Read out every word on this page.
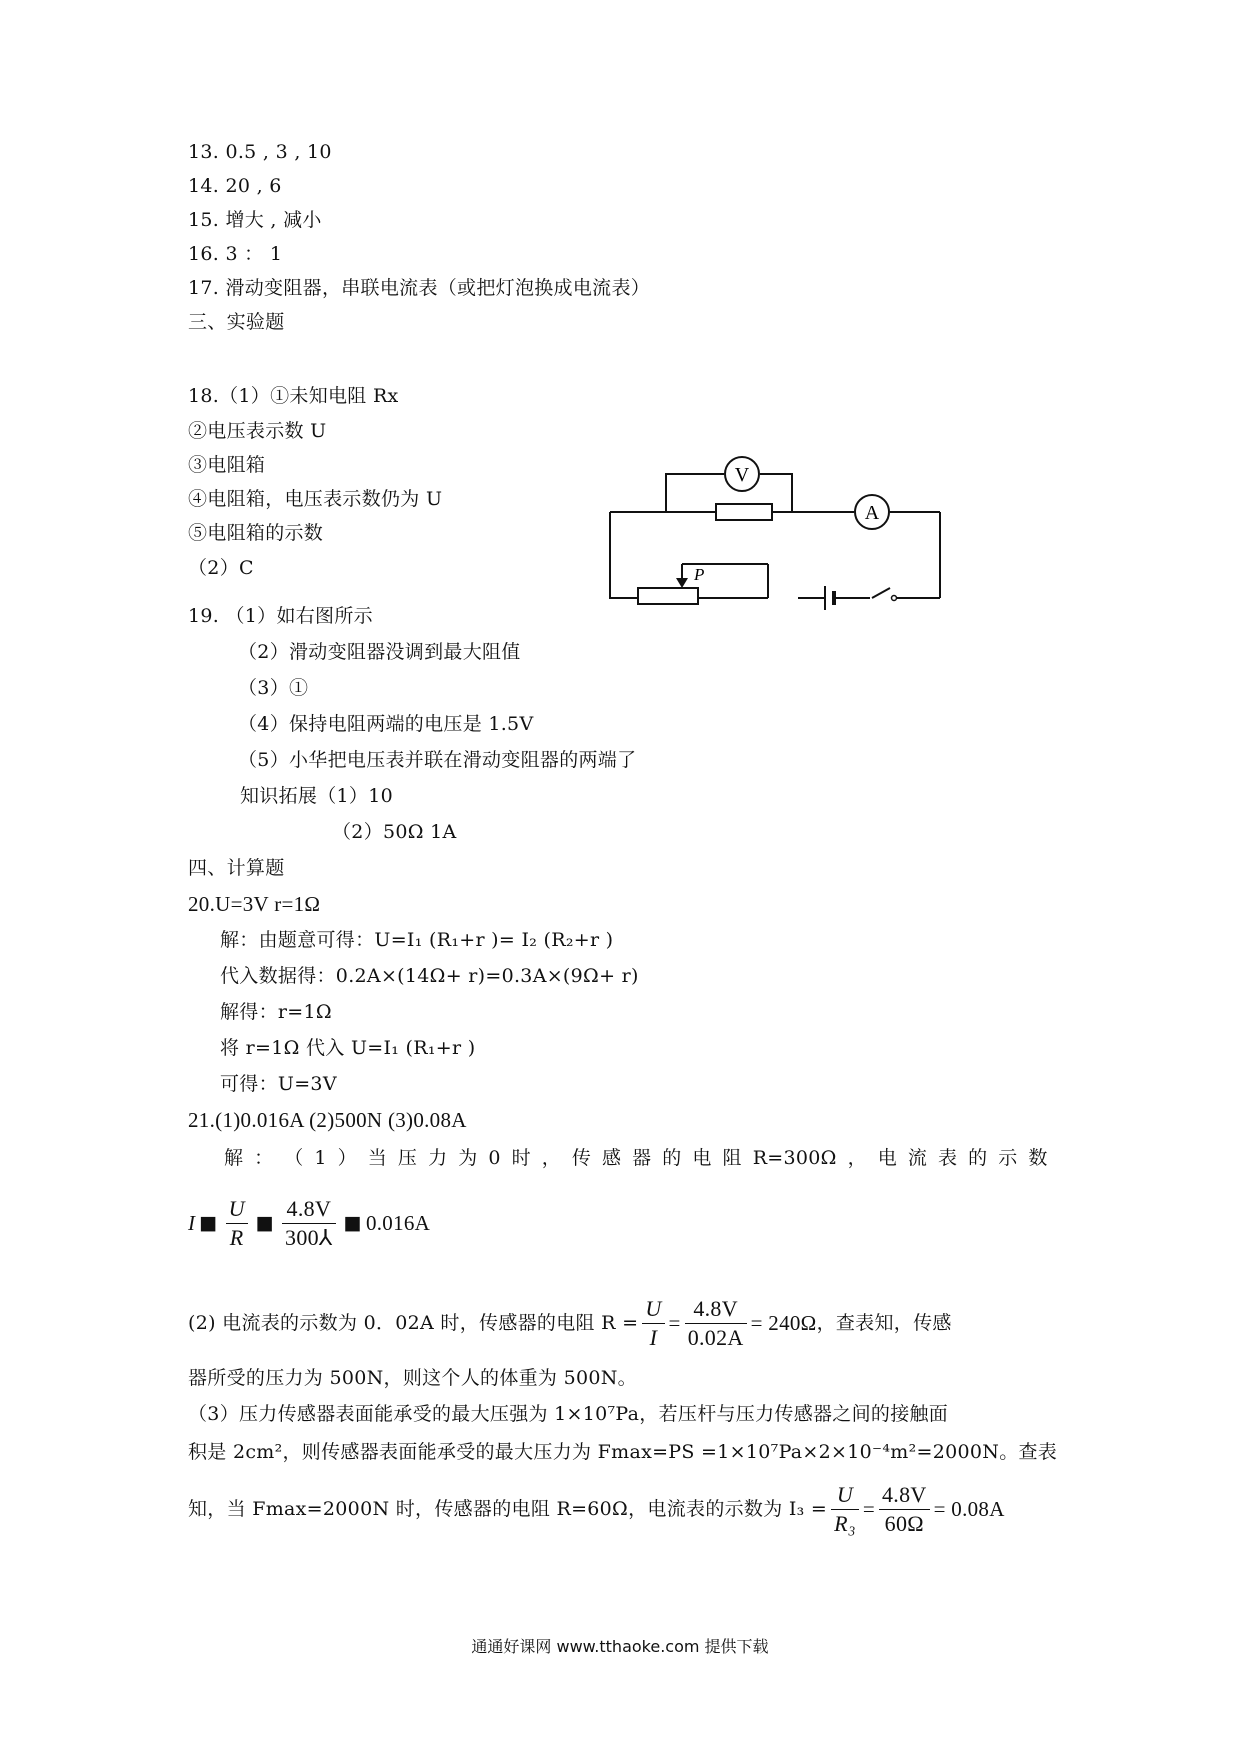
13. 0.5 , 3 , 10
14. 20 , 6
15. 增大 , 减小
16. 3 ： 1
17. 滑动变阻器，串联电流表（或把灯泡换成电流表）
三、实验题
18.（1）①未知电阻 Rx
②电压表示数 U
③电阻箱
④电阻箱，电压表示数仍为 U
⑤电阻箱的示数
（2）C
V
A
P
19. （1）如右图所示
（2）滑动变阻器没调到最大阻值
（3）①
（4）保持电阻两端的电压是 1.5V
（5）小华把电压表并联在滑动变阻器的两端了
知识拓展（1）10
（2）50Ω 1A
四、计算题
20.U=3V r=1Ω
解：由题意可得：U=I₁ (R₁+r )= I₂ (R₂+r )
代入数据得：0.2A×(14Ω+ r)=0.3A×(9Ω+ r)
解得：r=1Ω
将 r=1Ω 代入 U=I₁ (R₁+r )
可得：U=3V
21.(1)0.016A (2)500N (3)0.08A
解 ： （ 1 ） 当 压 力 为 0 时 ， 传 感 器 的 电 阻 R=300Ω ， 电 流 表 的 示 数
I ■ $\frac{U}{R}$ ■ $\frac{4.8V}{300⅄}$ ■ 0.016A
(2) 电流表的示数为 0．02A 时，传感器的电阻 $R = \frac{U}{I} = \frac{4.8V}{0.02A} = 240\Omega$ ，查表知，传感
器所受的压力为 500N，则这个人的体重为 500N。
（3）压力传感器表面能承受的最大压强为 1×10⁷Pa，若压杆与压力传感器之间的接触面
积是 2cm²，则传感器表面能承受的最大压力为 Fmax=PS =1×10⁷Pa×2×10⁻⁴m²=2000N。查表
知，当 Fmax=2000N 时，传感器的电阻 R=60Ω，电流表的示数为 $I_3 = \frac{U}{\text{R₃}} = \frac{4.8V}{60\Omega} = 0.08A$
通通好课网 www.tthaoke.com 提供下载
